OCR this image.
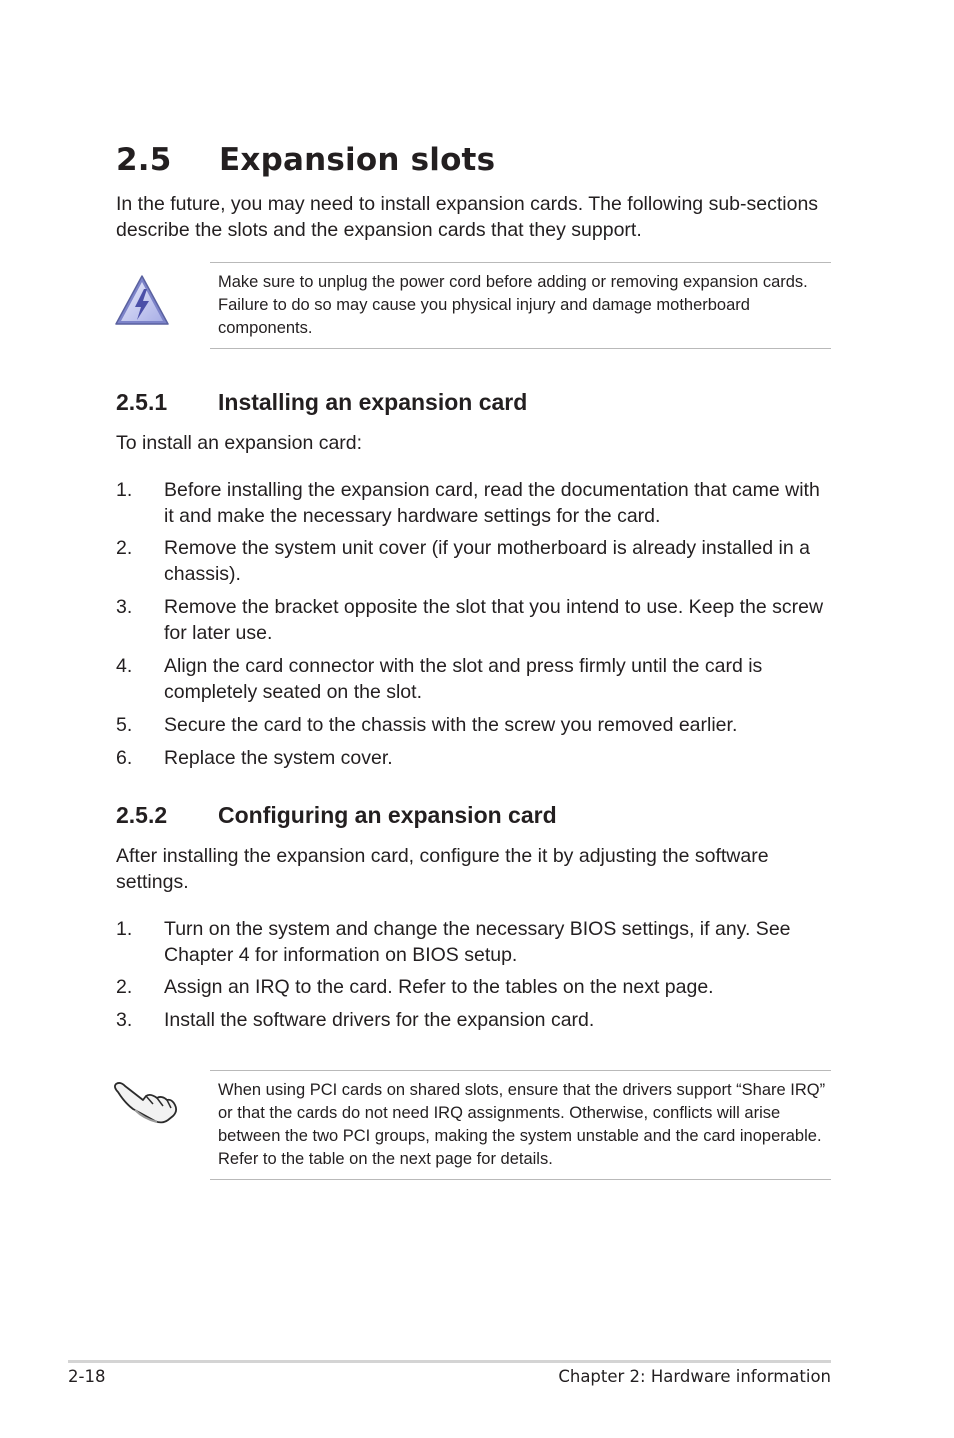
2.5 Expansion slots
In the future, you may need to install expansion cards. The following sub-sections describe the slots and the expansion cards that they support.
Make sure to unplug the power cord before adding or removing expansion cards. Failure to do so may cause you physical injury and damage motherboard components.
2.5.1 Installing an expansion card
To install an expansion card:
1. Before installing the expansion card, read the documentation that came with it and make the necessary hardware settings for the card.
2. Remove the system unit cover (if your motherboard is already installed in a chassis).
3. Remove the bracket opposite the slot that you intend to use. Keep the screw for later use.
4. Align the card connector with the slot and press firmly until the card is completely seated on the slot.
5. Secure the card to the chassis with the screw you removed earlier.
6. Replace the system cover.
2.5.2 Configuring an expansion card
After installing the expansion card, configure the it by adjusting the software settings.
1. Turn on the system and change the necessary BIOS settings, if any. See Chapter 4 for information on BIOS setup.
2. Assign an IRQ to the card. Refer to the tables on the next page.
3. Install the software drivers for the expansion card.
When using PCI cards on shared slots, ensure that the drivers support “Share IRQ” or that the cards do not need IRQ assignments. Otherwise, conflicts will arise between the two PCI groups, making the system unstable and the card inoperable. Refer to the table on the next page for details.
2-18	Chapter 2: Hardware information
